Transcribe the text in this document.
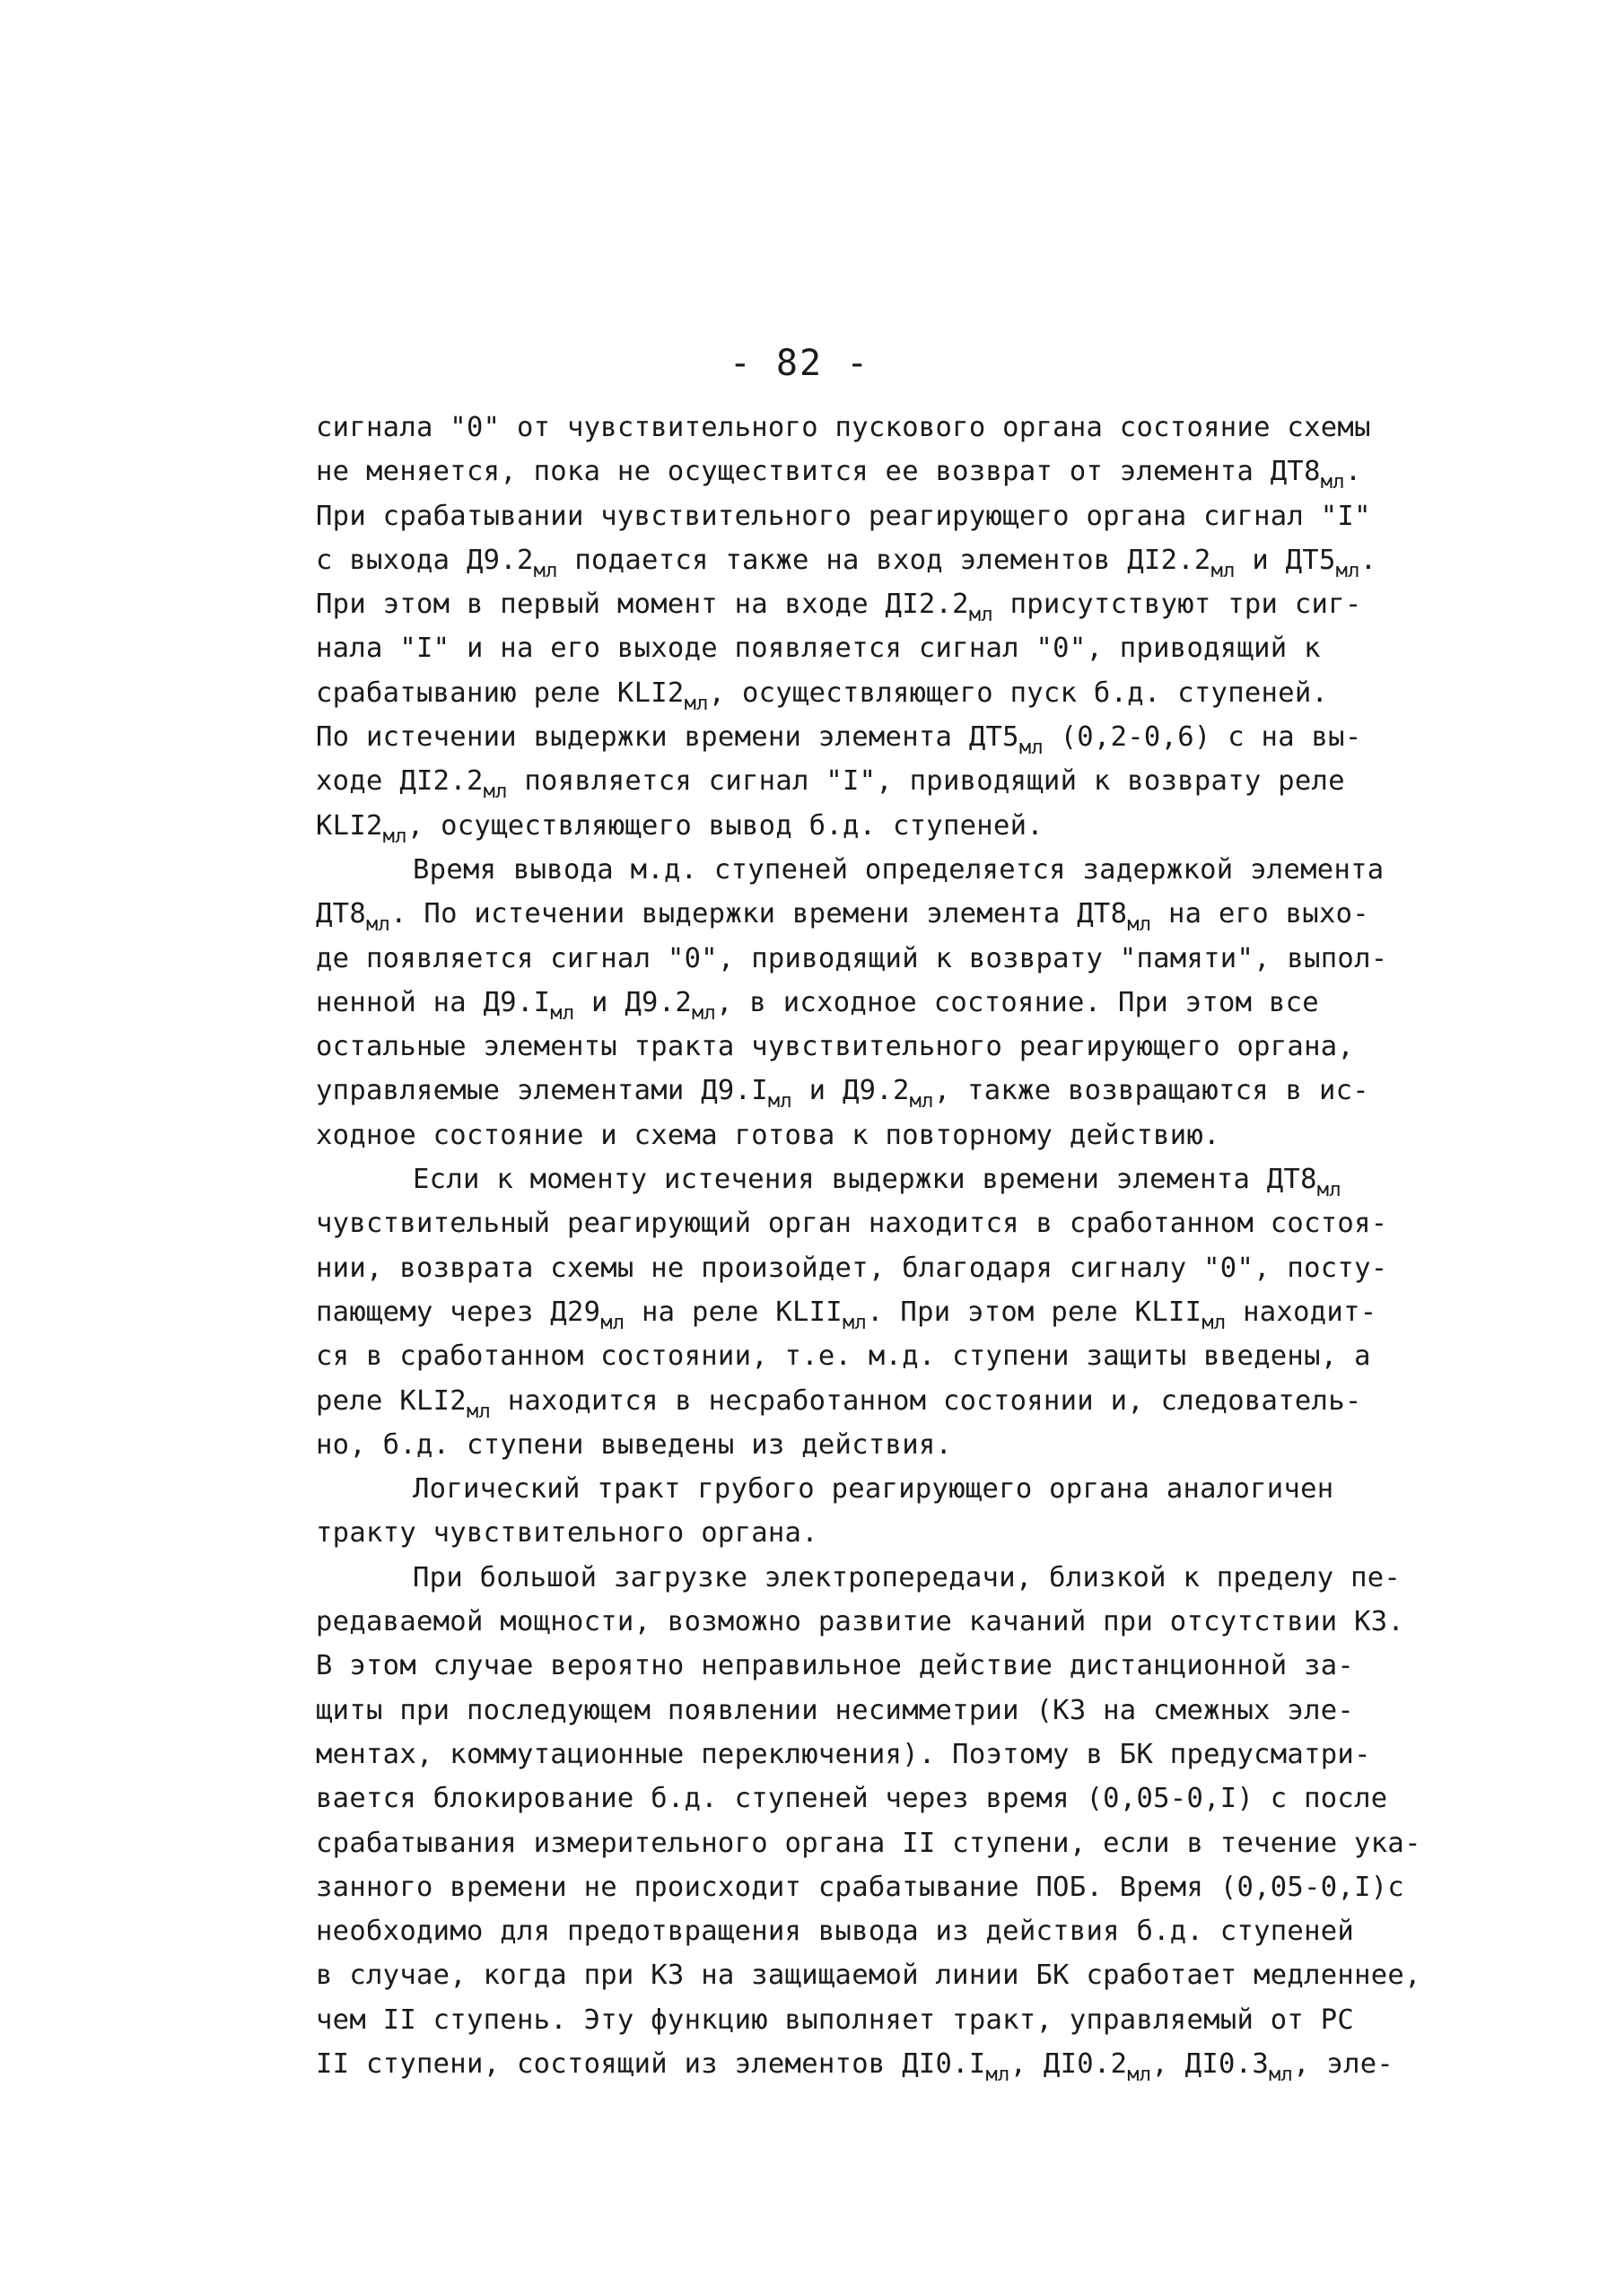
- 82 -
сигнала "0" от чувствительного пускового органа состояние схемы
не меняется, пока не осуществится ее возврат от элемента $ДТ8_{мл}$.
При срабатывании чувствительного реагирующего органа сигнал "I"
с выхода $Д9.2_{мл}$ подается также на вход элементов $ДI2.2_{мл}$ и $ДТ5_{мл}$.
При этом в первый момент на входе $ДI2.2_{мл}$ присутствуют три сиг-
нала "I" и на его выходе появляется сигнал "0", приводящий к
срабатыванию реле $KLI2_{мл}$, осуществляющего пуск б.д. ступеней.
По истечении выдержки времени элемента $ДТ5_{мл}$ (0,2-0,6) с на вы-
ходе $ДI2.2_{мл}$ появляется сигнал "I", приводящий к возврату реле
$KLI2_{мл}$, осуществляющего вывод б.д. ступеней.
Время вывода м.д. ступеней определяется задержкой элемента
$ДТ8_{мл}$. По истечении выдержки времени элемента $ДТ8_{мл}$ на его выхо-
де появляется сигнал "0", приводящий к возврату "памяти", выпол-
ненной на $Д9.I_{мл}$ и $Д9.2_{мл}$, в исходное состояние. При этом все
остальные элементы тракта чувствительного реагирующего органа,
управляемые элементами $Д9.I_{мл}$ и $Д9.2_{мл}$, также возвращаются в ис-
ходное состояние и схема готова к повторному действию.
Если к моменту истечения выдержки времени элемента $ДТ8_{мл}$
чувствительный реагирующий орган находится в сработанном состоя-
нии, возврата схемы не произойдет, благодаря сигналу "0", посту-
пающему через $Д29_{мл}$ на реле $KLII_{мл}$. При этом реле $KLII_{мл}$ находит-
ся в сработанном состоянии, т.е. м.д. ступени защиты введены, а
реле $KLI2_{мл}$ находится в несработанном состоянии и, следователь-
но, б.д. ступени выведены из действия.
Логический тракт грубого реагирующего органа аналогичен
тракту чувствительного органа.
При большой загрузке электропередачи, близкой к пределу пе-
редаваемой мощности, возможно развитие качаний при отсутствии КЗ.
В этом случае вероятно неправильное действие дистанционной за-
щиты при последующем появлении несимметрии (КЗ на смежных эле-
ментах, коммутационные переключения). Поэтому в БК предусматри-
вается блокирование б.д. ступеней через время (0,05-0,I) с после
срабатывания измерительного органа II ступени, если в течение ука-
занного времени не происходит срабатывание ПОБ. Время (0,05-0,I)с
необходимо для предотвращения вывода из действия б.д. ступеней
в случае, когда при КЗ на защищаемой линии БК сработает медленнее,
чем II ступень. Эту функцию выполняет тракт, управляемый от РС
II ступени, состоящий из элементов $ДI0.I_{мл}$, $ДI0.2_{мл}$, $ДI0.3_{мл}$, эле-
